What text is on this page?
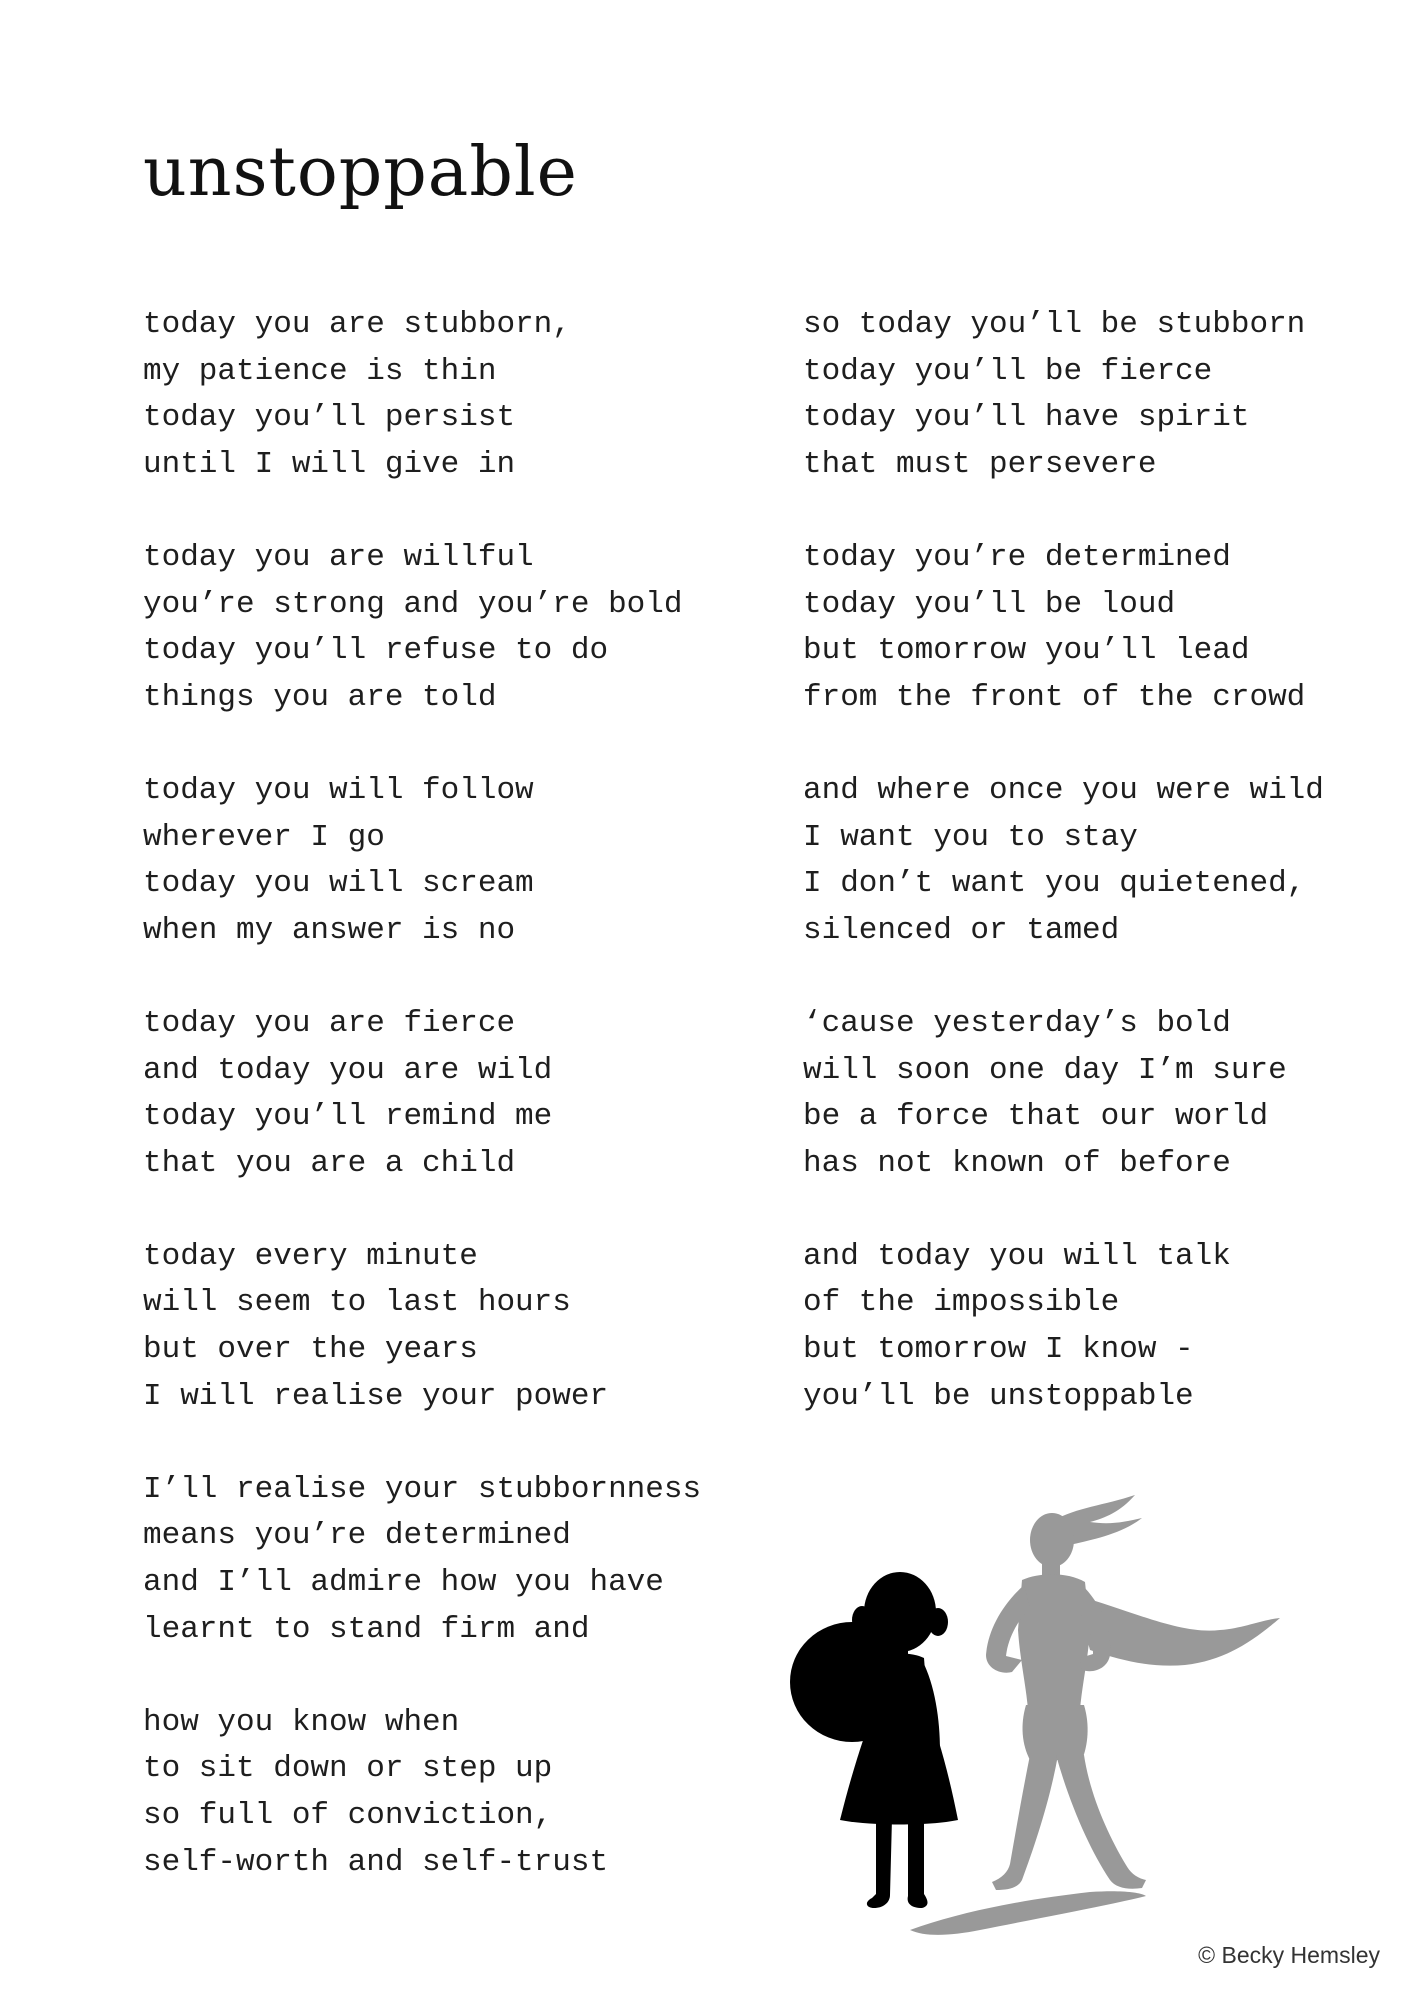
unstoppable

today you are stubborn,
my patience is thin
today you’ll persist
until I will give in

today you are willful
you’re strong and you’re bold
today you’ll refuse to do
things you are told

today you will follow
wherever I go
today you will scream
when my answer is no

today you are fierce
and today you are wild
today you’ll remind me
that you are a child

today every minute
will seem to last hours
but over the years
I will realise your power

I’ll realise your stubbornness
means you’re determined
and I’ll admire how you have
learnt to stand firm and

how you know when
to sit down or step up
so full of conviction,
self-worth and self-trust

so today you’ll be stubborn
today you’ll be fierce
today you’ll have spirit
that must persevere

today you’re determined
today you’ll be loud
but tomorrow you’ll lead
from the front of the crowd

and where once you were wild
I want you to stay
I don’t want you quietened,
silenced or tamed

‘cause yesterday’s bold
will soon one day I’m sure
be a force that our world
has not known of before

and today you will talk
of the impossible
but tomorrow I know -
you’ll be unstoppable

© Becky Hemsley
